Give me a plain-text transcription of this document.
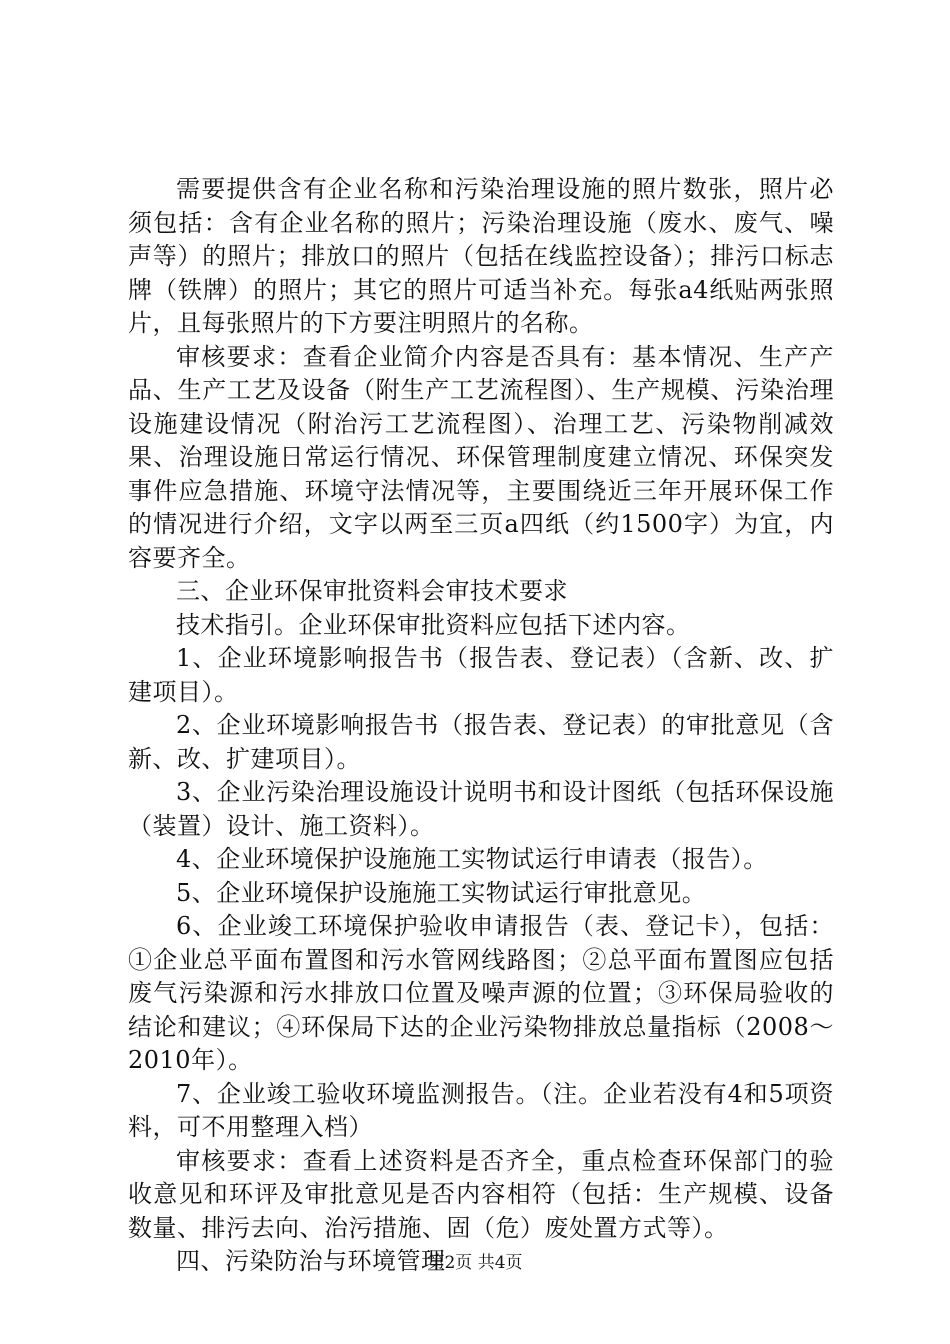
需要提供含有企业名称和污染治理设施的照片数张，照片必须包括：含有企业名称的照片；污染治理设施（废水、废气、噪声等）的照片；排放口的照片（包括在线监控设备）；排污口标志牌（铁牌）的照片；其它的照片可适当补充。每张a4纸贴两张照片，且每张照片的下方要注明照片的名称。

审核要求：查看企业简介内容是否具有：基本情况、生产产品、生产工艺及设备（附生产工艺流程图）、生产规模、污染治理设施建设情况（附治污工艺流程图）、治理工艺、污染物削减效果、治理设施日常运行情况、环保管理制度建立情况、环保突发事件应急措施、环境守法情况等，主要围绕近三年开展环保工作的情况进行介绍，文字以两至三页a四纸（约1500字）为宜，内容要齐全。

三、企业环保审批资料会审技术要求

技术指引。企业环保审批资料应包括下述内容。

1、企业环境影响报告书（报告表、登记表）（含新、改、扩建项目）。

2、企业环境影响报告书（报告表、登记表）的审批意见（含新、改、扩建项目）。

3、企业污染治理设施设计说明书和设计图纸（包括环保设施（装置）设计、施工资料）。

4、企业环境保护设施施工实物试运行申请表（报告）。

5、企业环境保护设施施工实物试运行审批意见。

6、企业竣工环境保护验收申请报告（表、登记卡），包括：①企业总平面布置图和污水管网线路图；②总平面布置图应包括废气污染源和污水排放口位置及噪声源的位置；③环保局验收的结论和建议；④环保局下达的企业污染物排放总量指标（2008～2010年）。

7、企业竣工验收环境监测报告。（注。企业若没有4和5项资料，可不用整理入档）

审核要求：查看上述资料是否齐全，重点检查环保部门的验收意见和环评及审批意见是否内容相符（包括：生产规模、设备数量、排污去向、治污措施、固（危）废处置方式等）。

四、污染防治与环境管理

第2页 共4页
